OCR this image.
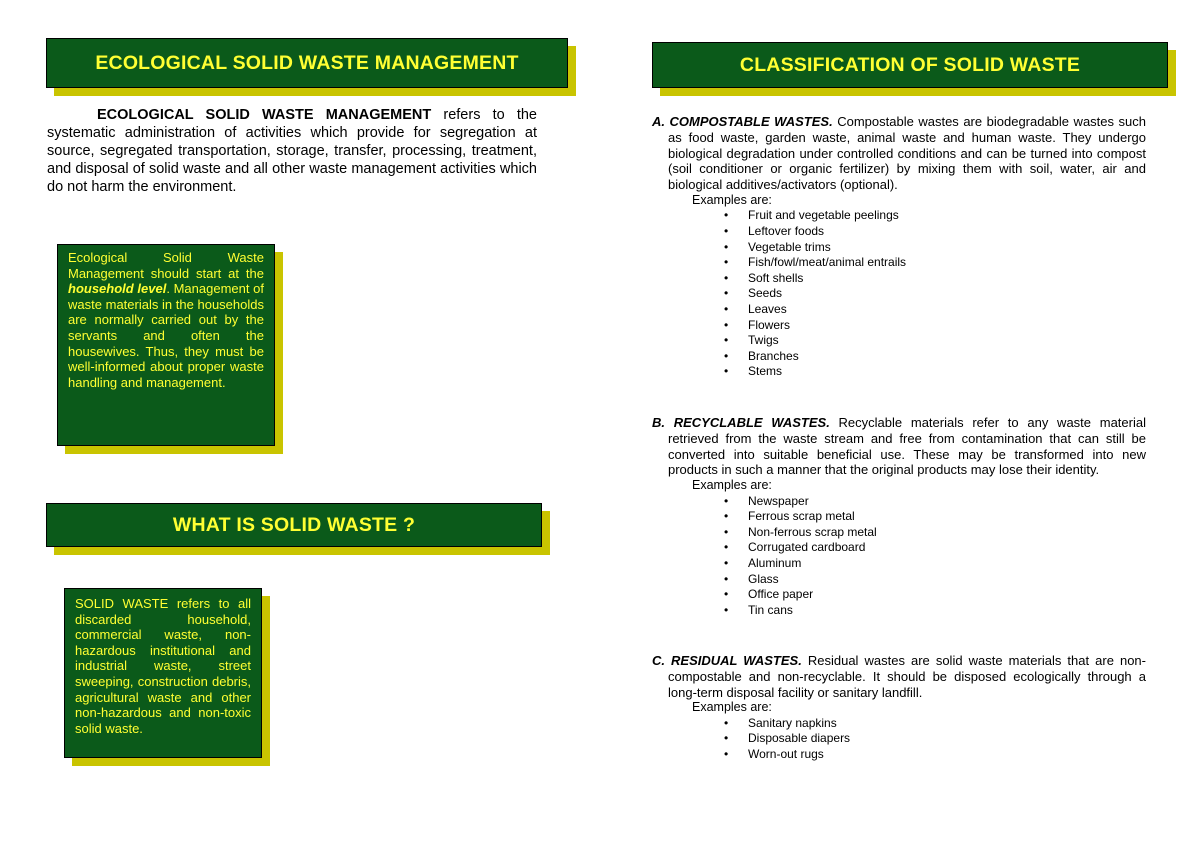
ECOLOGICAL SOLID WASTE MANAGEMENT
ECOLOGICAL SOLID WASTE MANAGEMENT refers to the systematic administration of activities which provide for segregation at source, segregated transportation, storage, transfer, processing, treatment, and disposal of solid waste and all other waste management activities which do not harm the environment.
Ecological Solid Waste Management should start at the household level. Management of waste materials in the households are normally carried out by the servants and often the housewives. Thus, they must be well-informed about proper waste handling and management.
WHAT IS SOLID WASTE ?
SOLID WASTE refers to all discarded household, commercial waste, non-hazardous institutional and industrial waste, street sweeping, construction debris, agricultural waste and other non-hazardous and non-toxic solid waste.
CLASSIFICATION OF SOLID WASTE
A. COMPOSTABLE WASTES. Compostable wastes are biodegradable wastes such as food waste, garden waste, animal waste and human waste. They undergo biological degradation under controlled conditions and can be turned into compost (soil conditioner or organic fertilizer) by mixing them with soil, water, air and biological additives/activators (optional).
Examples are:
• Fruit and vegetable peelings
• Leftover foods
• Vegetable trims
• Fish/fowl/meat/animal entrails
• Soft shells
• Seeds
• Leaves
• Flowers
• Twigs
• Branches
• Stems
B. RECYCLABLE WASTES. Recyclable materials refer to any waste material retrieved from the waste stream and free from contamination that can still be converted into suitable beneficial use. These may be transformed into new products in such a manner that the original products may lose their identity.
Examples are:
• Newspaper
• Ferrous scrap metal
• Non-ferrous scrap metal
• Corrugated cardboard
• Aluminum
• Glass
• Office paper
• Tin cans
C. RESIDUAL WASTES. Residual wastes are solid waste materials that are non-compostable and non-recyclable. It should be disposed ecologically through a long-term disposal facility or sanitary landfill.
Examples are:
• Sanitary napkins
• Disposable diapers
• Worn-out rugs
